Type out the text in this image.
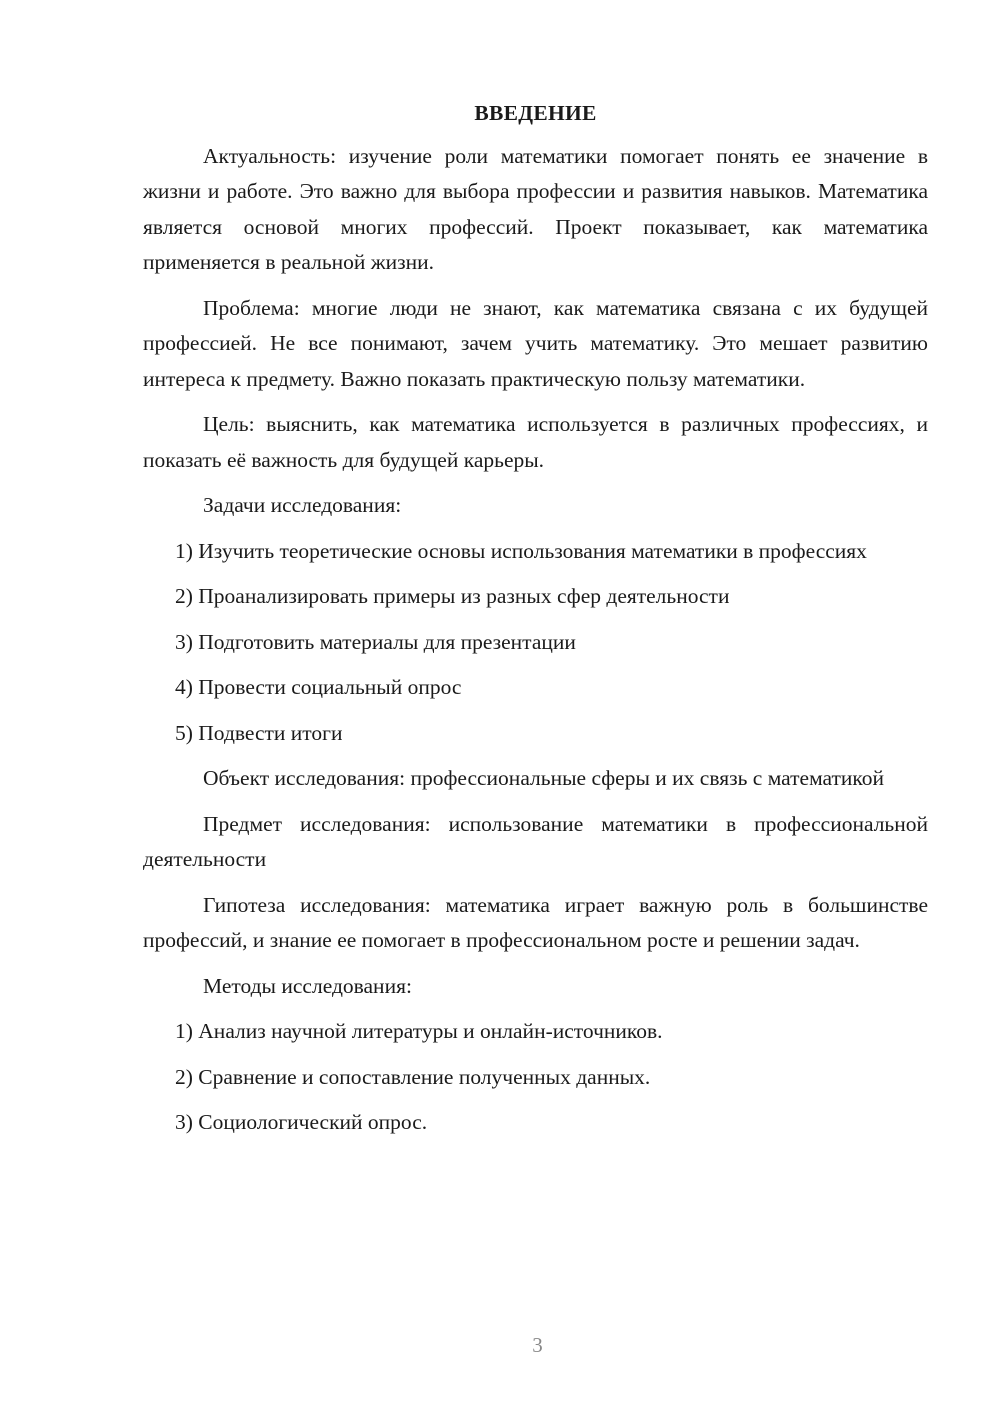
ВВЕДЕНИЕ

Актуальность: изучение роли математики помогает понять ее значение в жизни и работе. Это важно для выбора профессии и развития навыков. Математика является основой многих профессий. Проект показывает, как математика применяется в реальной жизни.

Проблема: многие люди не знают, как математика связана с их будущей профессией. Не все понимают, зачем учить математику. Это мешает развитию интереса к предмету. Важно показать практическую пользу математики.

Цель: выяснить, как математика используется в различных профессиях, и показать её важность для будущей карьеры.

Задачи исследования:

1) Изучить теоретические основы использования математики в профессиях

2) Проанализировать примеры из разных сфер деятельности

3) Подготовить материалы для презентации

4) Провести социальный опрос

5) Подвести итоги

Объект исследования: профессиональные сферы и их связь с математикой

Предмет исследования: использование математики в профессиональной деятельности

Гипотеза исследования: математика играет важную роль в большинстве профессий, и знание ее помогает в профессиональном росте и решении задач.

Методы исследования:

1) Анализ научной литературы и онлайн-источников.

2) Сравнение и сопоставление полученных данных.

3) Социологический опрос.

3
